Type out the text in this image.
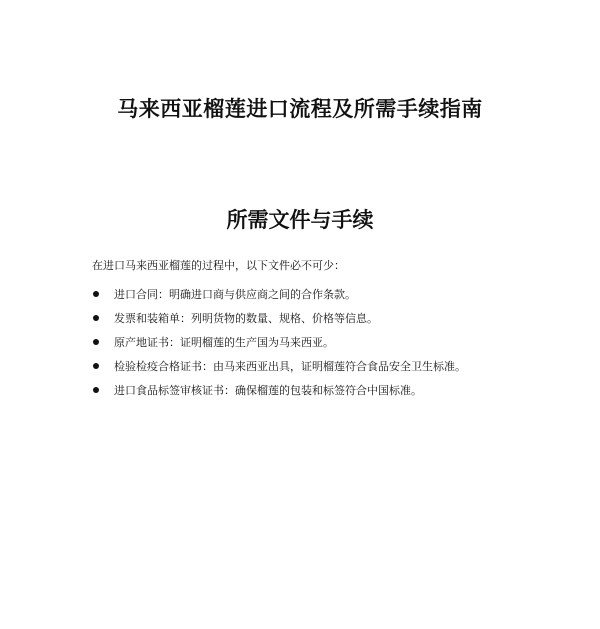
马来西亚榴莲进口流程及所需手续指南
所需文件与手续

在进口马来西亚榴莲的过程中，以下文件必不可少：

进口合同：明确进口商与供应商之间的合作条款。
发票和装箱单：列明货物的数量、规格、价格等信息。
原产地证书：证明榴莲的生产国为马来西亚。
检验检疫合格证书：由马来西亚出具，证明榴莲符合食品安全卫生标准。
进口食品标签审核证书：确保榴莲的包装和标签符合中国标准。
